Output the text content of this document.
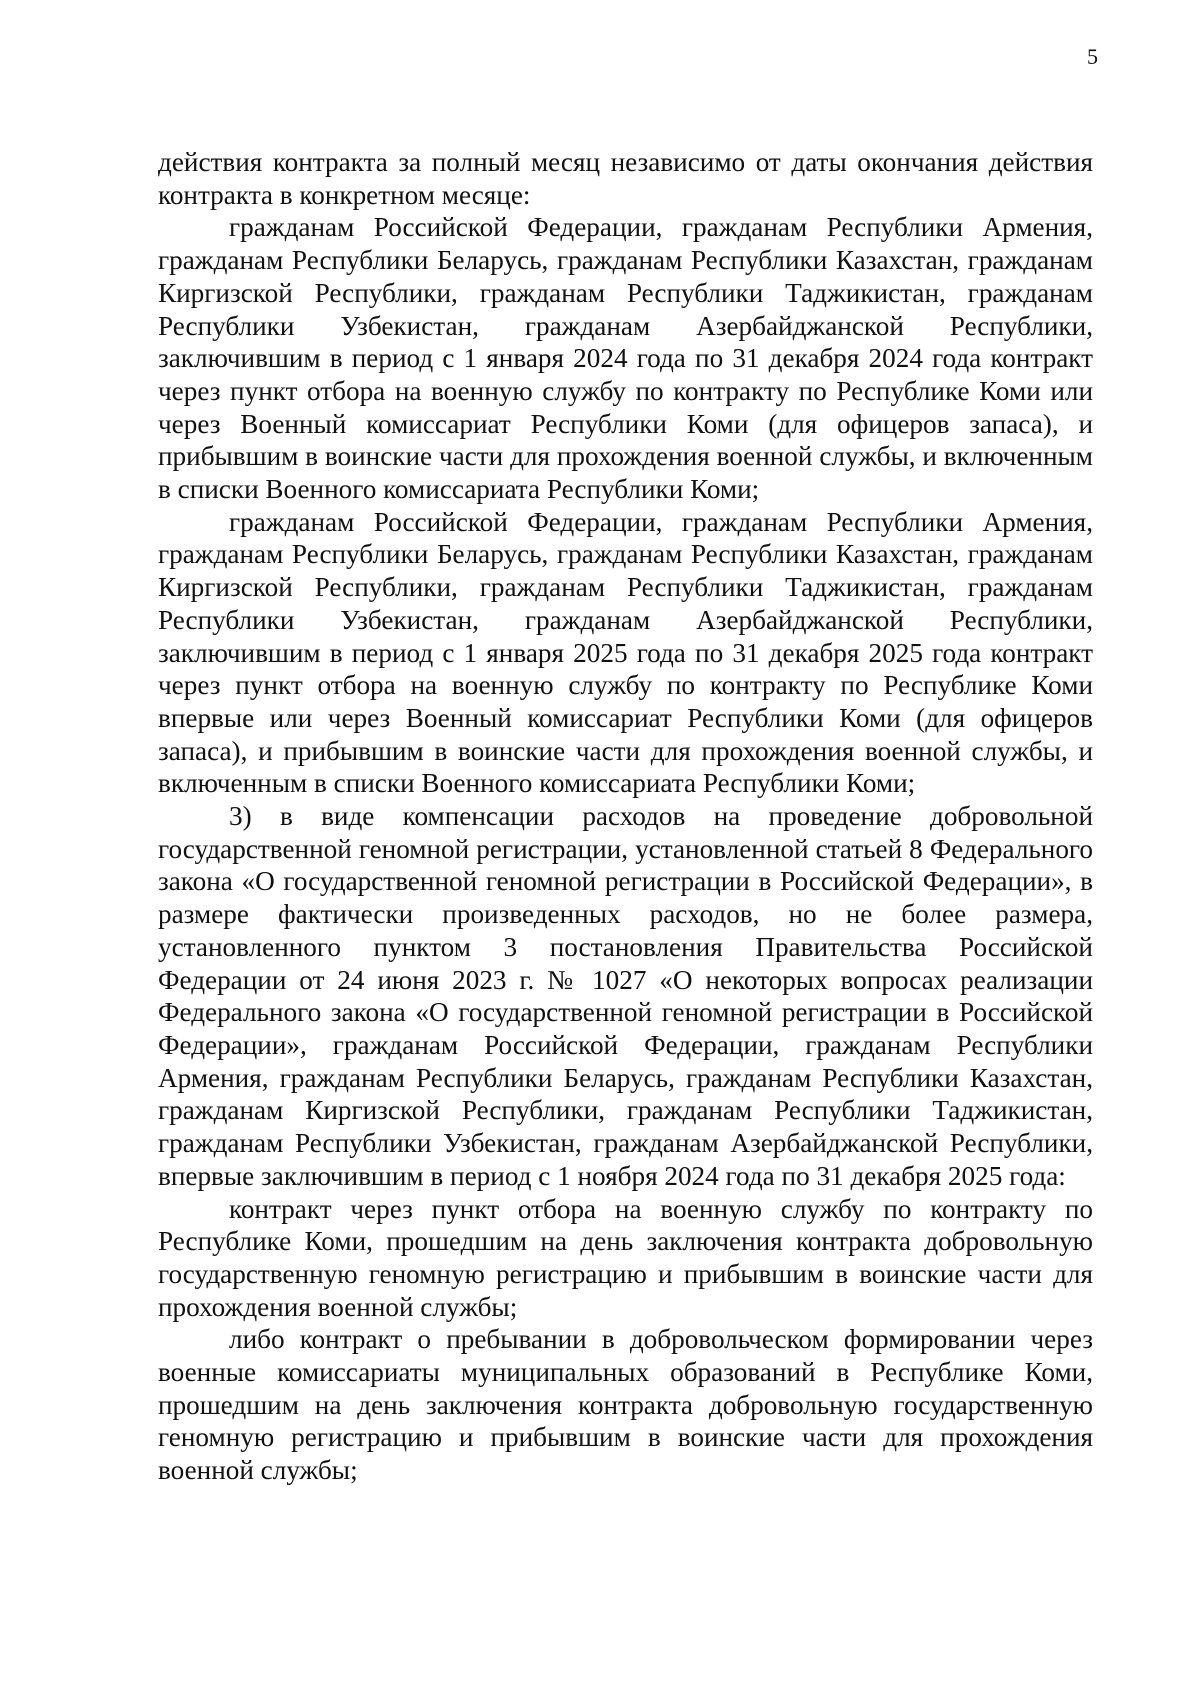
5

действия контракта за полный месяц независимо от даты окончания действия контракта в конкретном месяце:

гражданам Российской Федерации, гражданам Республики Армения, гражданам Республики Беларусь, гражданам Республики Казахстан, гражданам Киргизской Республики, гражданам Республики Таджикистан, гражданам Республики Узбекистан, гражданам Азербайджанской Республики, заключившим в период с 1 января 2024 года по 31 декабря 2024 года контракт через пункт отбора на военную службу по контракту по Республике Коми или через Военный комиссариат Республики Коми (для офицеров запаса), и прибывшим в воинские части для прохождения военной службы, и включенным в списки Военного комиссариата Республики Коми;

гражданам Российской Федерации, гражданам Республики Армения, гражданам Республики Беларусь, гражданам Республики Казахстан, гражданам Киргизской Республики, гражданам Республики Таджикистан, гражданам Республики Узбекистан, гражданам Азербайджанской Республики, заключившим в период с 1 января 2025 года по 31 декабря 2025 года контракт через пункт отбора на военную службу по контракту по Республике Коми впервые или через Военный комиссариат Республики Коми (для офицеров запаса), и прибывшим в воинские части для прохождения военной службы, и включенным в списки Военного комиссариата Республики Коми;

3) в виде компенсации расходов на проведение добровольной государственной геномной регистрации, установленной статьей 8 Федерального закона «О государственной геномной регистрации в Российской Федерации», в размере фактически произведенных расходов, но не более размера, установленного пунктом 3 постановления Правительства Российской Федерации от 24 июня 2023 г. № 1027 «О некоторых вопросах реализации Федерального закона «О государственной геномной регистрации в Российской Федерации», гражданам Российской Федерации, гражданам Республики Армения, гражданам Республики Беларусь, гражданам Республики Казахстан, гражданам Киргизской Республики, гражданам Республики Таджикистан, гражданам Республики Узбекистан, гражданам Азербайджанской Республики, впервые заключившим в период с 1 ноября 2024 года по 31 декабря 2025 года:

контракт через пункт отбора на военную службу по контракту по Республике Коми, прошедшим на день заключения контракта добровольную государственную геномную регистрацию и прибывшим в воинские части для прохождения военной службы;

либо контракт о пребывании в добровольческом формировании через военные комиссариаты муниципальных образований в Республике Коми, прошедшим на день заключения контракта добровольную государственную геномную регистрацию и прибывшим в воинские части для прохождения военной службы;
